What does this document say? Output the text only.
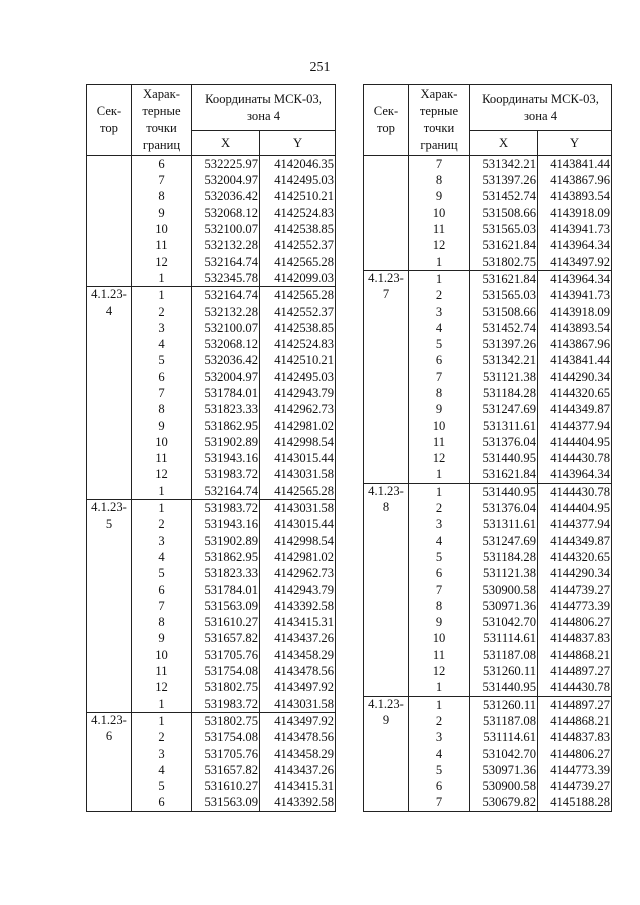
251
Сек-тор	Харак-терные точки границ	Координаты МСК-03, зона 4	
		X	Y
	6	532225.97	4142046.35
	7	532004.97	4142495.03
	8	532036.42	4142510.21
	9	532068.12	4142524.83
	10	532100.07	4142538.85
	11	532132.28	4142552.37
	12	532164.74	4142565.28
	1	532345.78	4142099.03
4.1.23-	1	532164.74	4142565.28
4	2	532132.28	4142552.37
	3	532100.07	4142538.85
	4	532068.12	4142524.83
	5	532036.42	4142510.21
	6	532004.97	4142495.03
	7	531784.01	4142943.79
	8	531823.33	4142962.73
	9	531862.95	4142981.02
	10	531902.89	4142998.54
	11	531943.16	4143015.44
	12	531983.72	4143031.58
	1	532164.74	4142565.28
4.1.23-	1	531983.72	4143031.58
5	2	531943.16	4143015.44
	3	531902.89	4142998.54
	4	531862.95	4142981.02
	5	531823.33	4142962.73
	6	531784.01	4142943.79
	7	531563.09	4143392.58
	8	531610.27	4143415.31
	9	531657.82	4143437.26
	10	531705.76	4143458.29
	11	531754.08	4143478.56
	12	531802.75	4143497.92
	1	531983.72	4143031.58
4.1.23-	1	531802.75	4143497.92
6	2	531754.08	4143478.56
	3	531705.76	4143458.29
	4	531657.82	4143437.26
	5	531610.27	4143415.31
	6	531563.09	4143392.58
Сек-тор	Харак-терные точки границ	Координаты МСК-03, зона 4	
		X	Y
	7	531342.21	4143841.44
	8	531397.26	4143867.96
	9	531452.74	4143893.54
	10	531508.66	4143918.09
	11	531565.03	4143941.73
	12	531621.84	4143964.34
	1	531802.75	4143497.92
4.1.23-	1	531621.84	4143964.34
7	2	531565.03	4143941.73
	3	531508.66	4143918.09
	4	531452.74	4143893.54
	5	531397.26	4143867.96
	6	531342.21	4143841.44
	7	531121.38	4144290.34
	8	531184.28	4144320.65
	9	531247.69	4144349.87
	10	531311.61	4144377.94
	11	531376.04	4144404.95
	12	531440.95	4144430.78
	1	531621.84	4143964.34
4.1.23-	1	531440.95	4144430.78
8	2	531376.04	4144404.95
	3	531311.61	4144377.94
	4	531247.69	4144349.87
	5	531184.28	4144320.65
	6	531121.38	4144290.34
	7	530900.58	4144739.27
	8	530971.36	4144773.39
	9	531042.70	4144806.27
	10	531114.61	4144837.83
	11	531187.08	4144868.21
	12	531260.11	4144897.27
	1	531440.95	4144430.78
4.1.23-	1	531260.11	4144897.27
9	2	531187.08	4144868.21
	3	531114.61	4144837.83
	4	531042.70	4144806.27
	5	530971.36	4144773.39
	6	530900.58	4144739.27
	7	530679.82	4145188.28
